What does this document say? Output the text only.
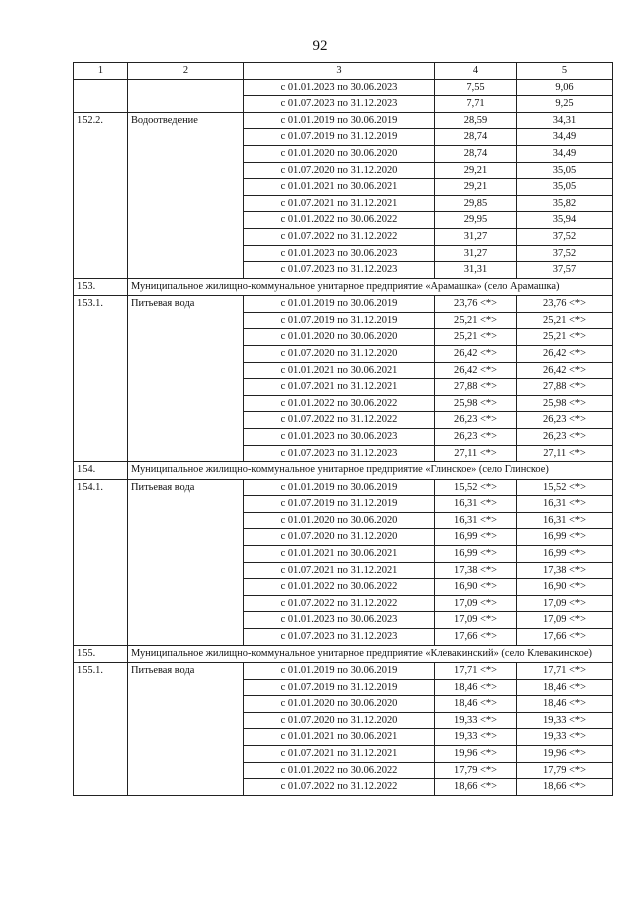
92
1	2	3	4	5
		с 01.01.2023 по 30.06.2023	7,55	9,06
		с 01.07.2023 по 31.12.2023	7,71	9,25
152.2.	Водоотведение	с 01.01.2019 по 30.06.2019	28,59	34,31
		с 01.07.2019 по 31.12.2019	28,74	34,49
		с 01.01.2020 по 30.06.2020	28,74	34,49
		с 01.07.2020 по 31.12.2020	29,21	35,05
		с 01.01.2021 по 30.06.2021	29,21	35,05
		с 01.07.2021 по 31.12.2021	29,85	35,82
		с 01.01.2022 по 30.06.2022	29,95	35,94
		с 01.07.2022 по 31.12.2022	31,27	37,52
		с 01.01.2023 по 30.06.2023	31,27	37,52
		с 01.07.2023 по 31.12.2023	31,31	37,57
153.	Муниципальное жилищно-коммунальное унитарное предприятие «Арамашка» (село Арамашка)			
153.1.	Питьевая вода	с 01.01.2019 по 30.06.2019	23,76 <*>	23,76 <*>
		с 01.07.2019 по 31.12.2019	25,21 <*>	25,21 <*>
		с 01.01.2020 по 30.06.2020	25,21 <*>	25,21 <*>
		с 01.07.2020 по 31.12.2020	26,42 <*>	26,42 <*>
		с 01.01.2021 по 30.06.2021	26,42 <*>	26,42 <*>
		с 01.07.2021 по 31.12.2021	27,88 <*>	27,88 <*>
		с 01.01.2022 по 30.06.2022	25,98 <*>	25,98 <*>
		с 01.07.2022 по 31.12.2022	26,23 <*>	26,23 <*>
		с 01.01.2023 по 30.06.2023	26,23 <*>	26,23 <*>
		с 01.07.2023 по 31.12.2023	27,11 <*>	27,11 <*>
154.	Муниципальное жилищно-коммунальное унитарное предприятие «Глинское» (село Глинское)			
154.1.	Питьевая вода	с 01.01.2019 по 30.06.2019	15,52 <*>	15,52 <*>
		с 01.07.2019 по 31.12.2019	16,31 <*>	16,31 <*>
		с 01.01.2020 по 30.06.2020	16,31 <*>	16,31 <*>
		с 01.07.2020 по 31.12.2020	16,99 <*>	16,99 <*>
		с 01.01.2021 по 30.06.2021	16,99 <*>	16,99 <*>
		с 01.07.2021 по 31.12.2021	17,38 <*>	17,38 <*>
		с 01.01.2022 по 30.06.2022	16,90 <*>	16,90 <*>
		с 01.07.2022 по 31.12.2022	17,09 <*>	17,09 <*>
		с 01.01.2023 по 30.06.2023	17,09 <*>	17,09 <*>
		с 01.07.2023 по 31.12.2023	17,66 <*>	17,66 <*>
155.	Муниципальное жилищно-коммунальное унитарное предприятие «Клевакинский» (село Клевакинское)			
155.1.	Питьевая вода	с 01.01.2019 по 30.06.2019	17,71 <*>	17,71 <*>
		с 01.07.2019 по 31.12.2019	18,46 <*>	18,46 <*>
		с 01.01.2020 по 30.06.2020	18,46 <*>	18,46 <*>
		с 01.07.2020 по 31.12.2020	19,33 <*>	19,33 <*>
		с 01.01.2021 по 30.06.2021	19,33 <*>	19,33 <*>
		с 01.07.2021 по 31.12.2021	19,96 <*>	19,96 <*>
		с 01.01.2022 по 30.06.2022	17,79 <*>	17,79 <*>
		с 01.07.2022 по 31.12.2022	18,66 <*>	18,66 <*>
